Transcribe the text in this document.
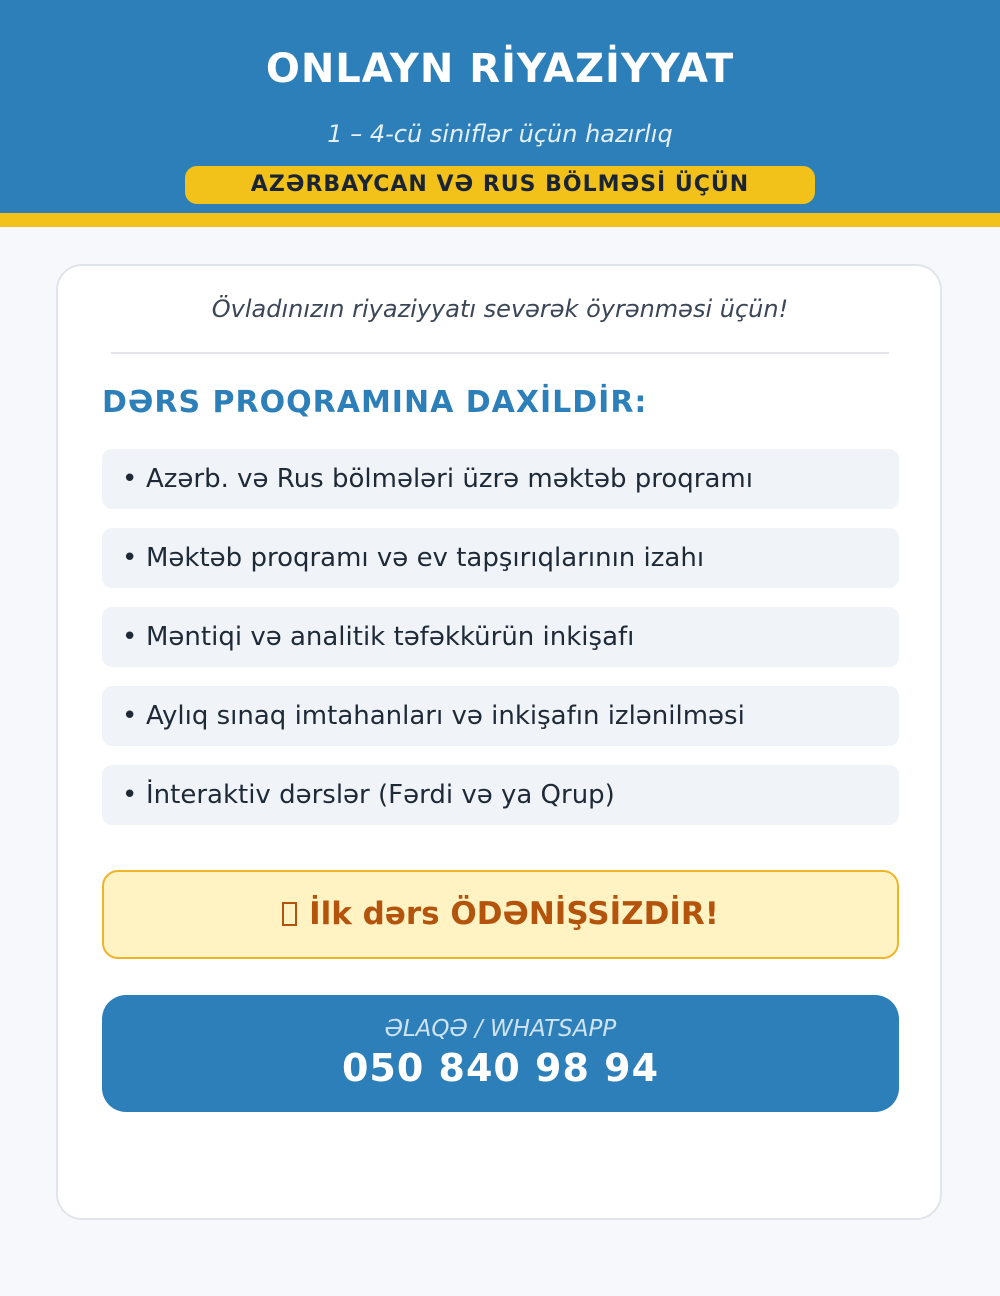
ONLAYN RİYAZİYYAT
1 – 4-cü siniflər üçün hazırlıq
AZƏRBAYCAN VƏ RUS BÖLMƏSİ ÜÇÜN
Övladınızın riyaziyyatı sevərək öyrənməsi üçün!
DƏRS PROQRAMINA DAXİLDİR:
• Azərb. və Rus bölmələri üzrə məktəb proqramı
• Məktəb proqramı və ev tapşırıqlarının izahı
• Məntiqi və analitik təfəkkürün inkişafı
• Aylıq sınaq imtahanları və inkişafın izlənilməsi
• İnteraktiv dərslər (Fərdi və ya Qrup)
İlk dərs ÖDƏNİŞSİZDİR!
ƏLAQƏ / WHATSAPP
050 840 98 94
